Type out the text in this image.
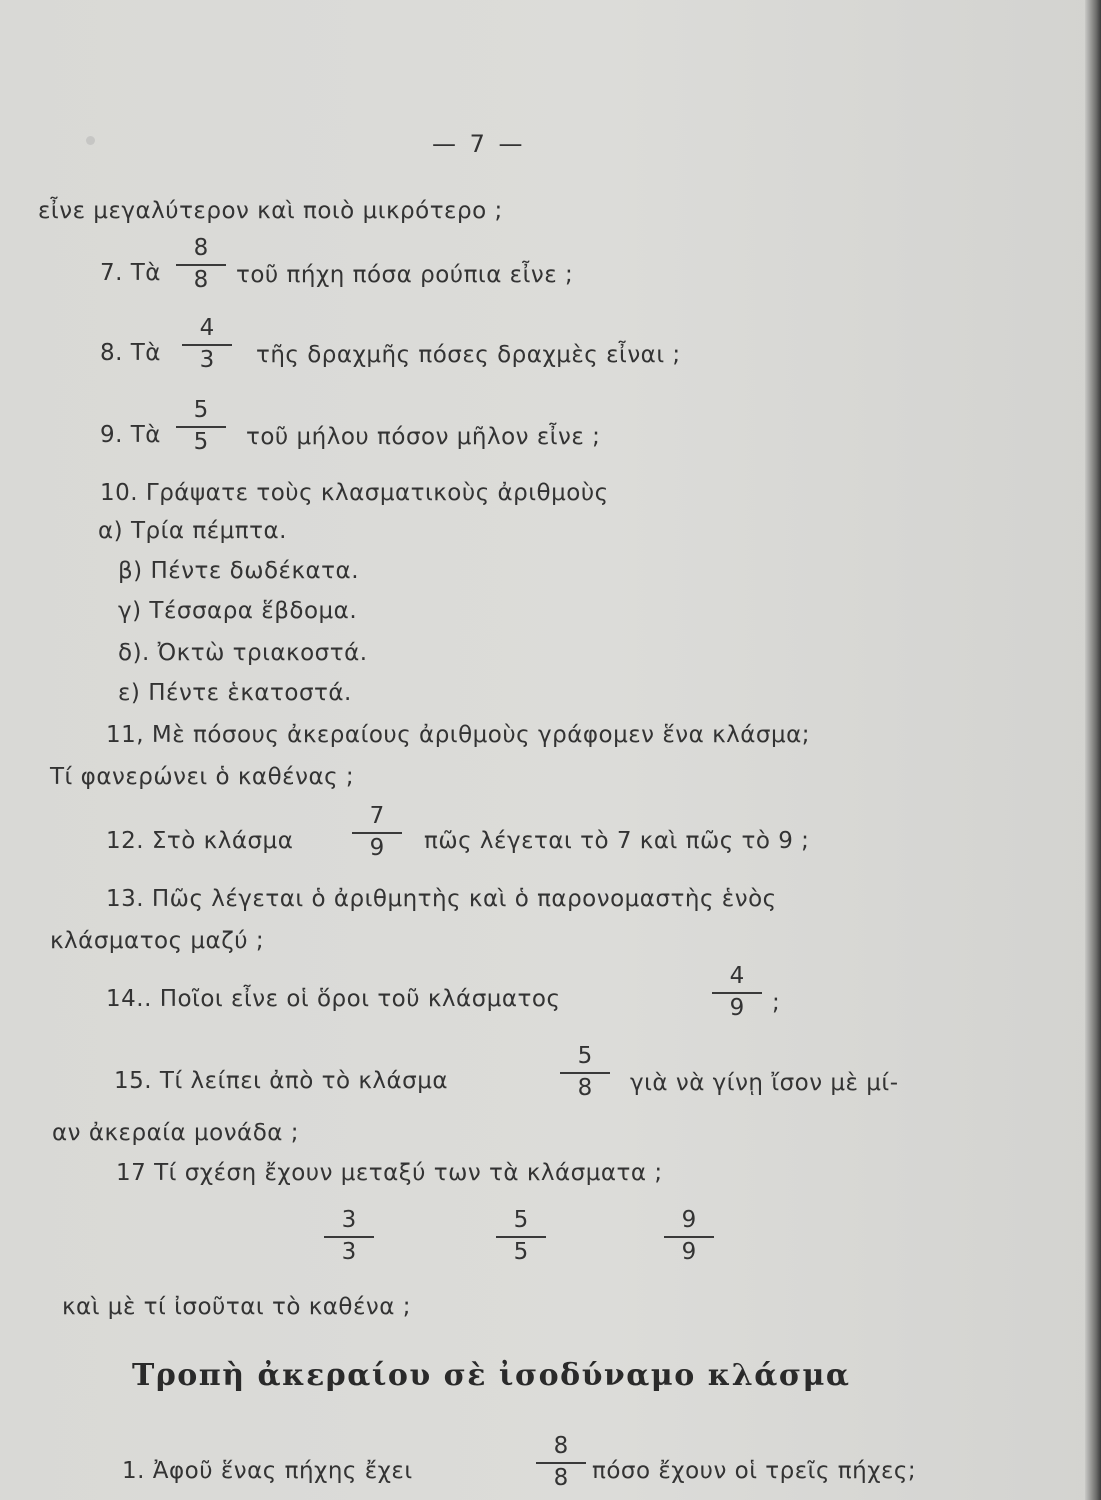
— 7 —
εἶνε μεγαλύτερον καὶ ποιὸ μικρότερο ;
7. Τὰ
8
8	τοῦ πήχη πόσα ρούπια εἶνε ;
8. Τὰ
4
3	τῆς δραχμῆς πόσες δραχμὲς εἶναι ;
9. Τὰ
5
5	τοῦ μήλου πόσον μῆλον εἶνε ;
10. Γράψατε τοὺς κλασματικοὺς ἀριθμοὺς
α) Τρία πέμπτα.
β) Πέντε δωδέκατα.
γ) Τέσσαρα ἕβδομα.
δ). Ὀκτὼ τριακοστά.
ε) Πέντε ἑκατοστά.
11, Μὲ πόσους ἀκεραίους ἀριθμοὺς γράφομεν ἕνα κλάσμα;
Τί φανερώνει ὁ καθένας ;
12. Στὸ κλάσμα
7
9	πῶς λέγεται τὸ 7 καὶ πῶς τὸ 9 ;
13. Πῶς λέγεται ὁ ἀριθμητὴς καὶ ὁ παρονομαστὴς ἑνὸς
κλάσματος μαζύ ;
14.. Ποῖοι εἶνε οἱ ὅροι τοῦ κλάσματος
4
9	;
15. Τί λείπει ἀπὸ τὸ κλάσμα
5
8	γιὰ νὰ γίνῃ ἴσον μὲ μί-
αν ἀκεραία μονάδα ;
17 Τί σχέση ἔχουν μεταξύ των τὰ κλάσματα ;
3
3
5
5
9
9
καὶ μὲ τί ἰσοῦται τὸ καθένα ;
Τροπὴ ἀκεραίου σὲ ἰσοδύναμο κλάσμα
1. Ἀφοῦ ἕνας πήχης ἔχει
8
8	πόσο ἔχουν οἱ τρεῖς πήχες;
